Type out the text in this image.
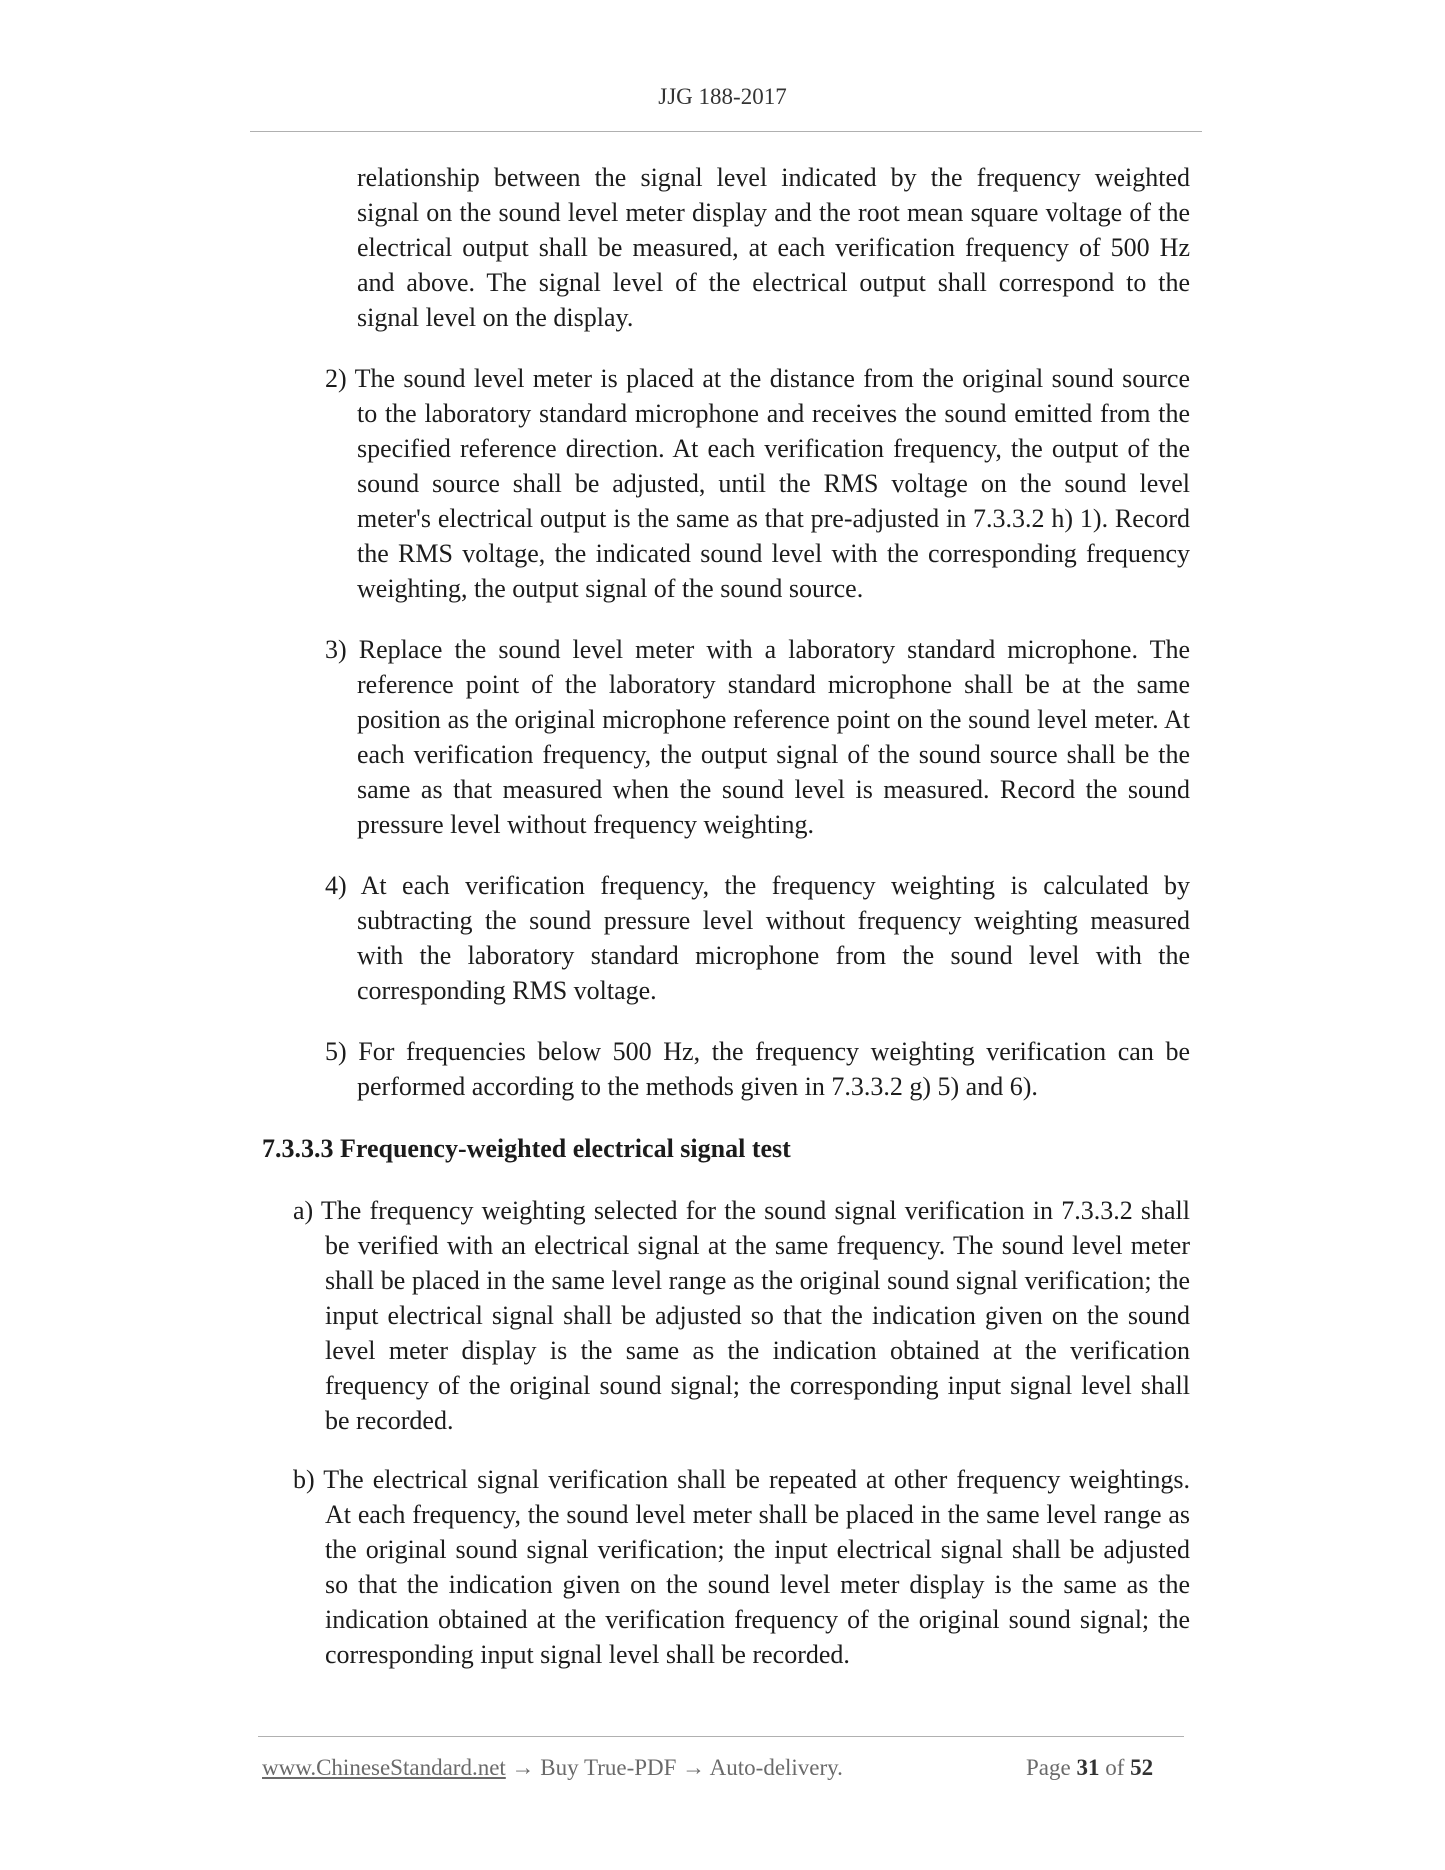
JJG 188-2017

relationship between the signal level indicated by the frequency weighted signal on the sound level meter display and the root mean square voltage of the electrical output shall be measured, at each verification frequency of 500 Hz and above. The signal level of the electrical output shall correspond to the signal level on the display.

2) The sound level meter is placed at the distance from the original sound source to the laboratory standard microphone and receives the sound emitted from the specified reference direction. At each verification frequency, the output of the sound source shall be adjusted, until the RMS voltage on the sound level meter's electrical output is the same as that pre-adjusted in 7.3.3.2 h) 1). Record the RMS voltage, the indicated sound level with the corresponding frequency weighting, the output signal of the sound source.

3) Replace the sound level meter with a laboratory standard microphone. The reference point of the laboratory standard microphone shall be at the same position as the original microphone reference point on the sound level meter. At each verification frequency, the output signal of the sound source shall be the same as that measured when the sound level is measured. Record the sound pressure level without frequency weighting.

4) At each verification frequency, the frequency weighting is calculated by subtracting the sound pressure level without frequency weighting measured with the laboratory standard microphone from the sound level with the corresponding RMS voltage.

5) For frequencies below 500 Hz, the frequency weighting verification can be performed according to the methods given in 7.3.3.2 g) 5) and 6).

7.3.3.3 Frequency-weighted electrical signal test

a) The frequency weighting selected for the sound signal verification in 7.3.3.2 shall be verified with an electrical signal at the same frequency. The sound level meter shall be placed in the same level range as the original sound signal verification; the input electrical signal shall be adjusted so that the indication given on the sound level meter display is the same as the indication obtained at the verification frequency of the original sound signal; the corresponding input signal level shall be recorded.

b) The electrical signal verification shall be repeated at other frequency weightings. At each frequency, the sound level meter shall be placed in the same level range as the original sound signal verification; the input electrical signal shall be adjusted so that the indication given on the sound level meter display is the same as the indication obtained at the verification frequency of the original sound signal; the corresponding input signal level shall be recorded.

www.ChineseStandard.net → Buy True-PDF → Auto-delivery.	Page 31 of 52
